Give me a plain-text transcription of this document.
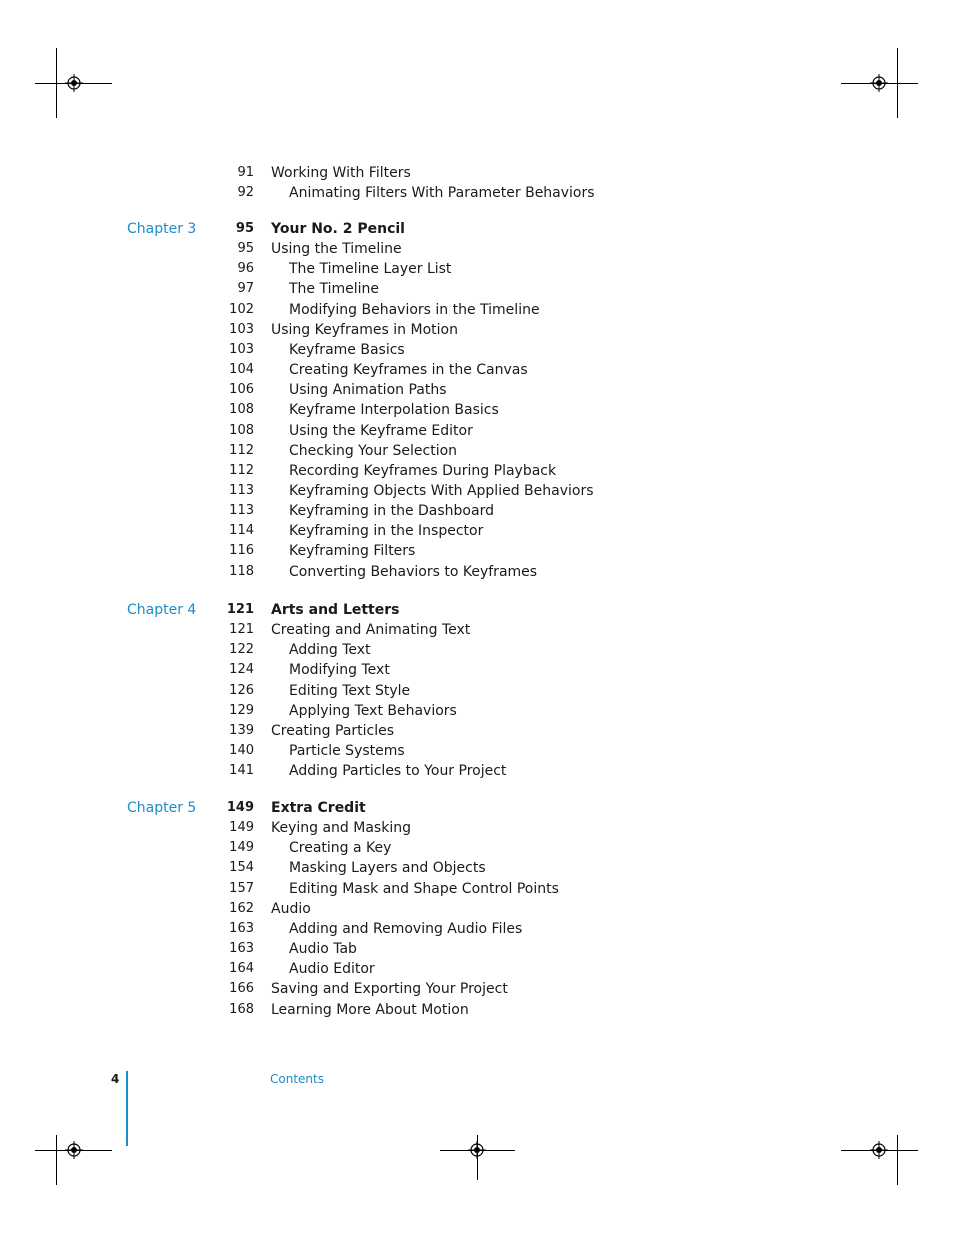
91 Working With Filters
92	Animating Filters With Parameter Behaviors
Chapter 3	95 Your No. 2 Pencil
95 Using the Timeline
96	The Timeline Layer List
97	The Timeline
102	Modifying Behaviors in the Timeline
103 Using Keyframes in Motion
103	Keyframe Basics
104	Creating Keyframes in the Canvas
106	Using Animation Paths
108	Keyframe Interpolation Basics
108	Using the Keyframe Editor
112	Checking Your Selection
112	Recording Keyframes During Playback
113	Keyframing Objects With Applied Behaviors
113	Keyframing in the Dashboard
114	Keyframing in the Inspector
116	Keyframing Filters
118	Converting Behaviors to Keyframes
Chapter 4	121 Arts and Letters
121 Creating and Animating Text
122	Adding Text
124	Modifying Text
126	Editing Text Style
129	Applying Text Behaviors
139 Creating Particles
140	Particle Systems
141	Adding Particles to Your Project
Chapter 5	149 Extra Credit
149 Keying and Masking
149	Creating a Key
154	Masking Layers and Objects
157	Editing Mask and Shape Control Points
162 Audio
163	Adding and Removing Audio Files
163	Audio Tab
164	Audio Editor
166 Saving and Exporting Your Project
168 Learning More About Motion
4	Contents
